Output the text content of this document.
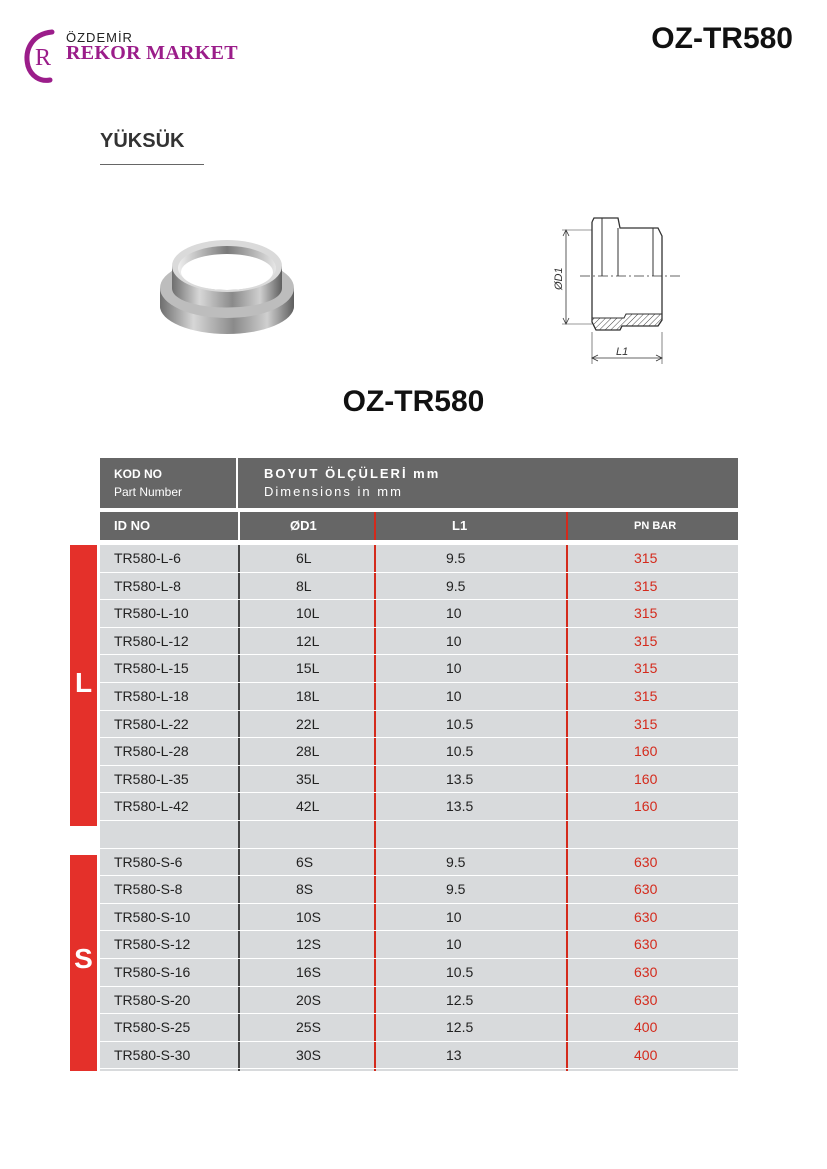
R
ÖZDEMİR
REKOR MARKET	OZ-TR580
YÜKSÜK
ØD1
L1
OZ-TR580
KOD NO
Part Number
BOYUT ÖLÇÜLERİ mm
Dimensions in mm
ID NO	ØD1	L1	PN BAR
L
S
TR580-L-6	6L	9.5	315
TR580-L-8	8L	9.5	315
TR580-L-10	10L	10	315
TR580-L-12	12L	10	315
TR580-L-15	15L	10	315
TR580-L-18	18L	10	315
TR580-L-22	22L	10.5	315
TR580-L-28	28L	10.5	160
TR580-L-35	35L	13.5	160
TR580-L-42	42L	13.5	160
TR580-S-6	6S	9.5	630
TR580-S-8	8S	9.5	630
TR580-S-10	10S	10	630
TR580-S-12	12S	10	630
TR580-S-16	16S	10.5	630
TR580-S-20	20S	12.5	630
TR580-S-25	25S	12.5	400
TR580-S-30	30S	13	400
